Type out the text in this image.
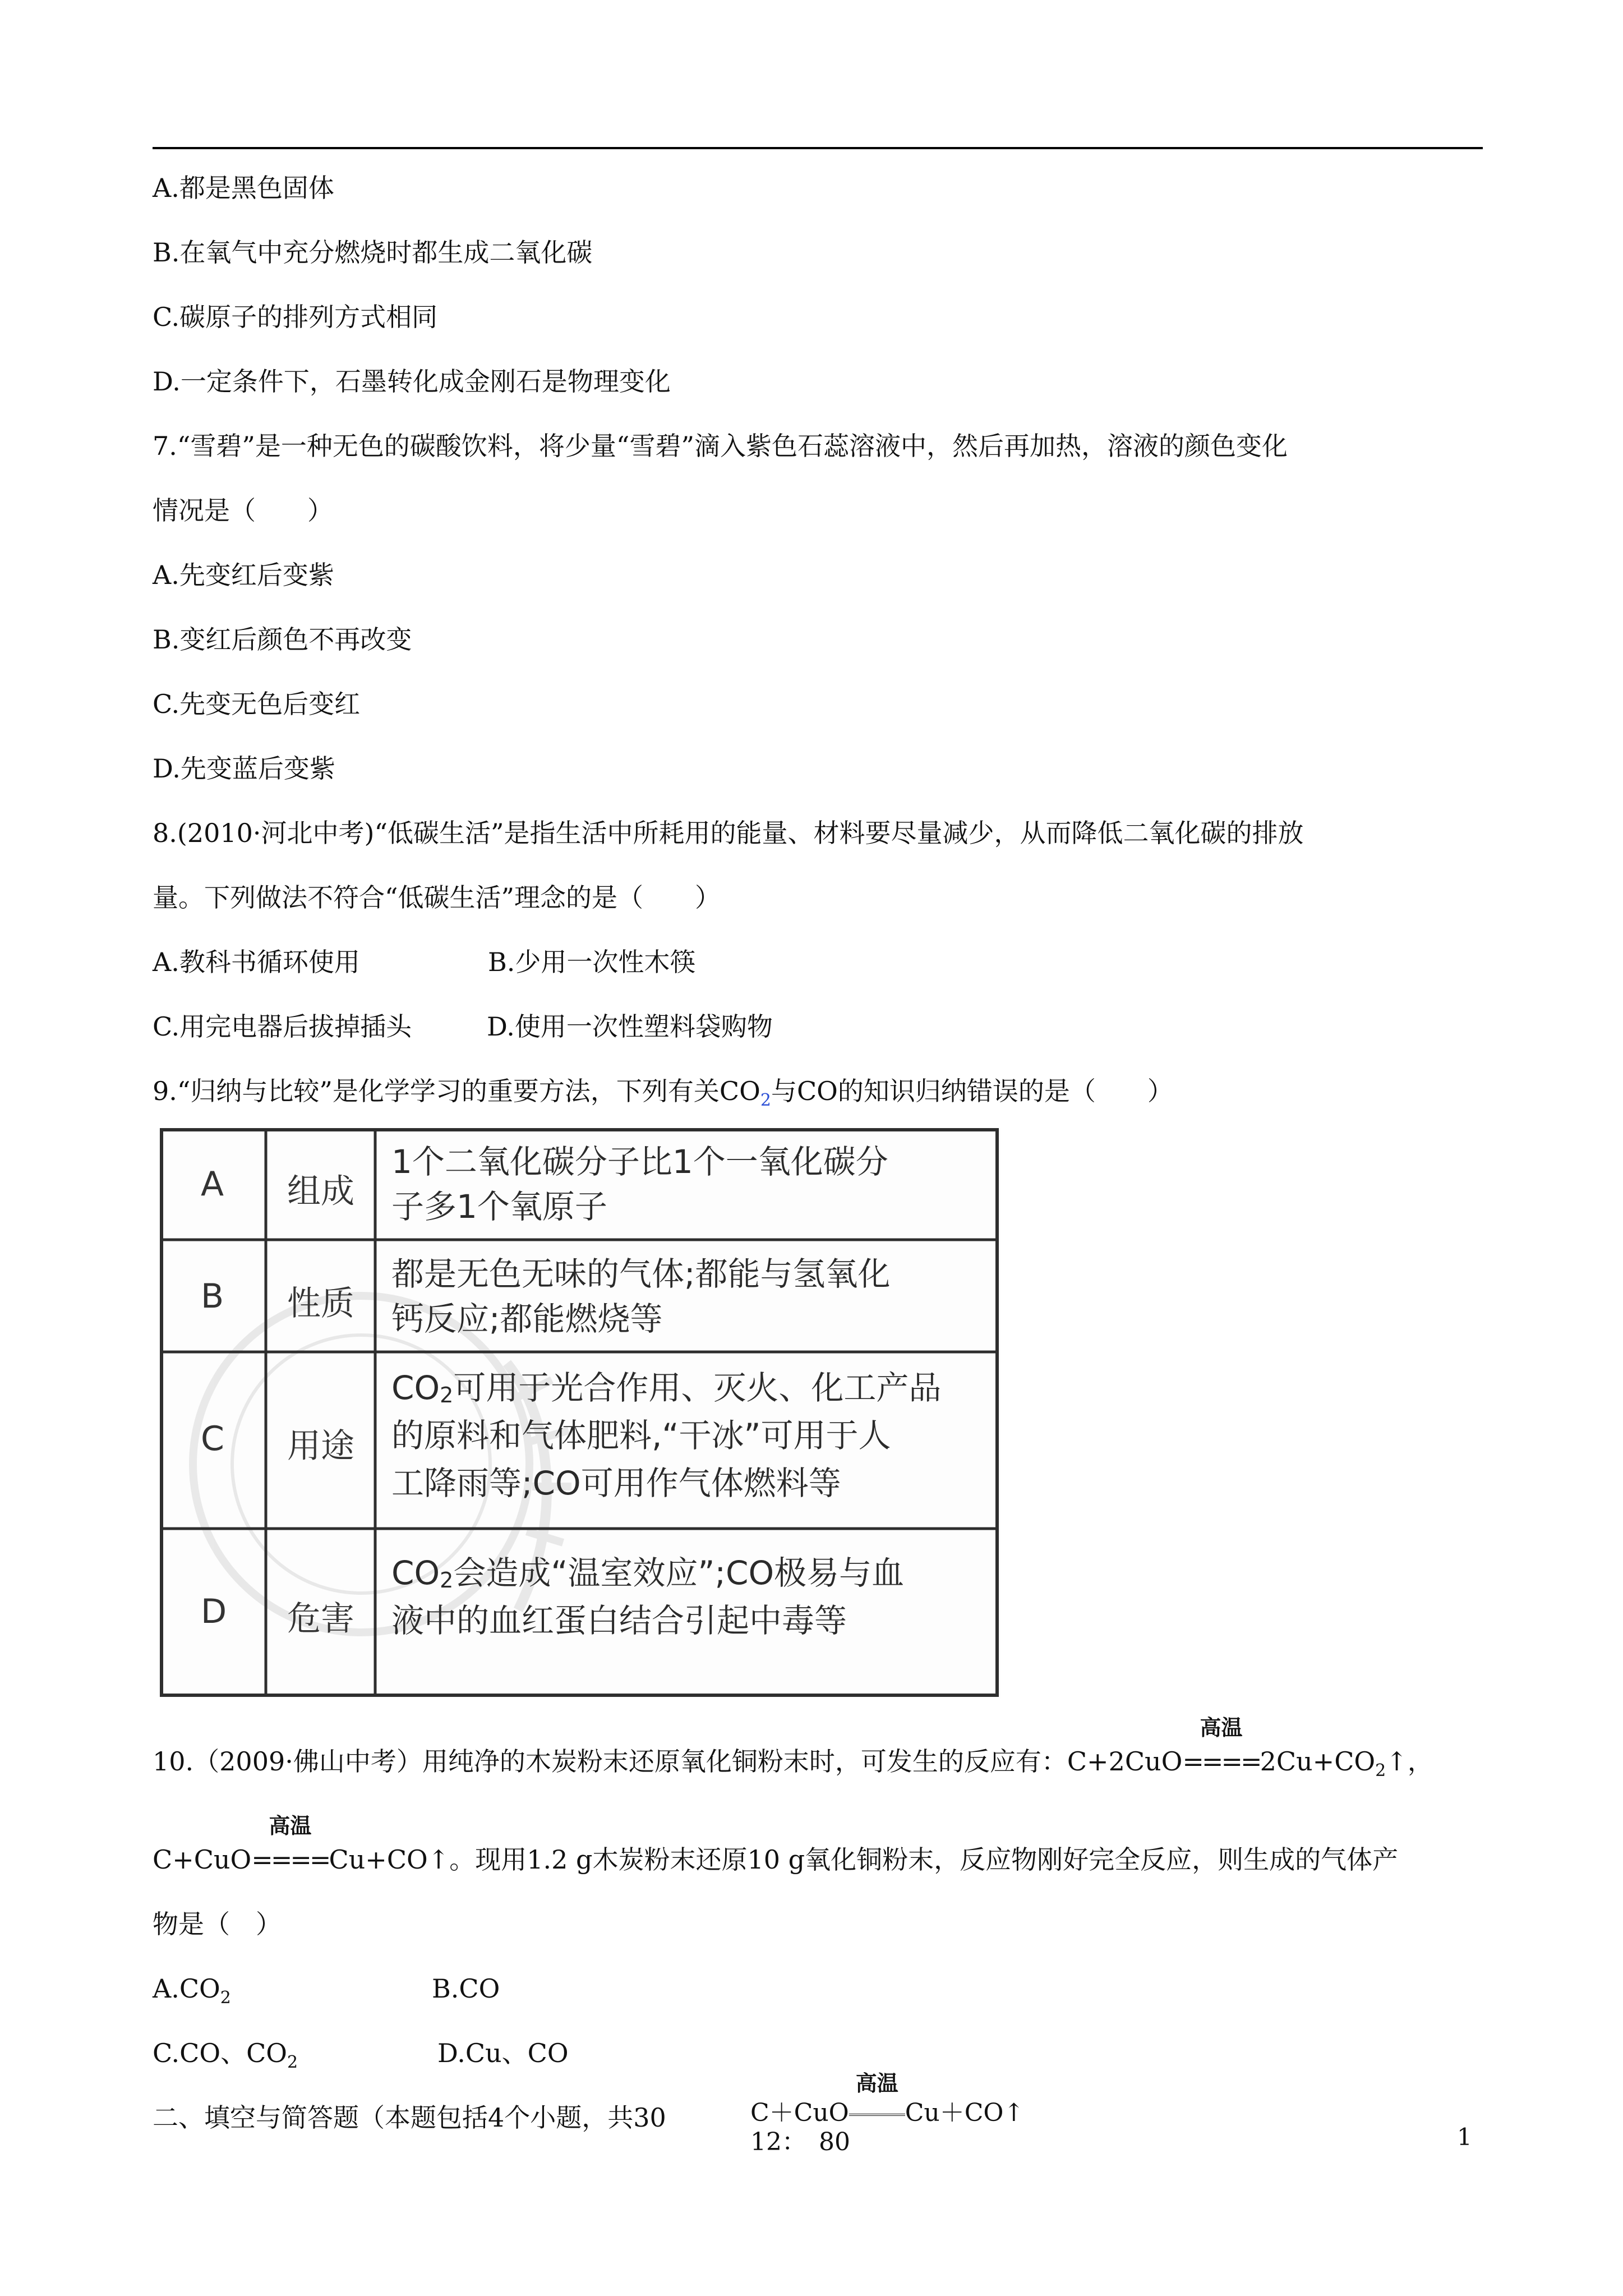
A.都是黑色固体
B.在氧气中充分燃烧时都生成二氧化碳
C.碳原子的排列方式相同
D.一定条件下，石墨转化成金刚石是物理变化
7.“雪碧”是一种无色的碳酸饮料，将少量“雪碧”滴入紫色石蕊溶液中，然后再加热，溶液的颜色变化
情况是（　　）
A.先变红后变紫
B.变红后颜色不再改变
C.先变无色后变红
D.先变蓝后变紫
8.(2010·河北中考)“低碳生活”是指生活中所耗用的能量、材料要尽量减少，从而降低二氧化碳的排放
量。下列做法不符合“低碳生活”理念的是（　　）
A.教科书循环使用	B.少用一次性木筷
C.用完电器后拔掉插头	D.使用一次性塑料袋购物
9.“归纳与比较”是化学学习的重要方法，下列有关$CO_2$与CO的知识归纳错误的是（　　）
A 组成
1个二氧化碳分子比1个一氧化碳分
子多1个氧原子
B 性质
都是无色无味的气体;都能与氢氧化
钙反应;都能燃烧等
C 用途
$CO_2$可用于光合作用、灭火、化工产品
的原料和气体肥料,“干冰”可用于人
工降雨等;CO可用作气体燃料等
D 危害
$CO_2$会造成“温室效应”;CO极易与血
液中的血红蛋白结合引起中毒等
10.（2009·佛山中考）用纯净的木炭粉末还原氧化铜粉末时，可发生的反应有：C+2CuO
高温
$====2Cu+CO_2↑$，
C+CuO
高温
====Cu+CO↑。现用1.2 g木炭粉末还原10 g氧化铜粉末，反应物刚好完全反应，则生成的气体产
物是（　）
$A.CO_2$	B.CO
C.CO、$CO_2$	D.Cu、CO
二、填空与简答题（本题包括4个小题，共30	C＋CuO
高温
Cu＋CO↑
12：　80	1
